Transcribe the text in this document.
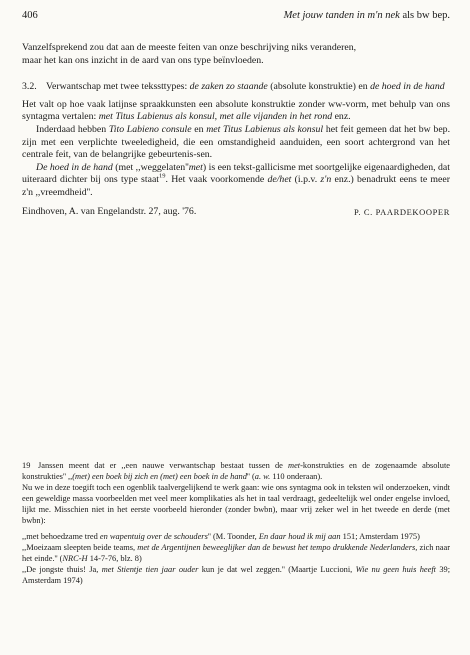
406	Met jouw tanden in m'n nek als bw bep.

Vanzelfsprekend zou dat aan de meeste feiten van onze beschrijving niks veranderen,

maar het kan ons inzicht in de aard van ons type beïnvloeden.

3.2. Verwantschap met twee tekssttypes: de zaken zo staande (absolute konstruktie) en de hoed in de hand

Het valt op hoe vaak latijnse spraakkunsten een absolute konstruktie zonder ww-vorm, met behulp van ons syntagma vertalen: met Titus Labienus als konsul, met alle vijanden in het rond enz.

Inderdaad hebben Tito Labieno consule en met Titus Labienus als konsul het feit gemeen dat het bw bep. zijn met een verplichte tweeledigheid, die een omstandigheid aanduiden, een soort achtergrond van het centrale feit, van de belangrijke gebeurtenis-sen.

De hoed in de hand (met ,,weggelaten''met) is een tekst-gallicisme met soortgelijke eigenaardigheden, dat uiteraard dichter bij ons type staat$^{19}$. Het vaak voorkomende de/het (i.p.v. z'n enz.) benadrukt eens te meer z'n ,,vreemdheid''.

Eindhoven, A. van Engelandstr. 27, aug. '76.	P. C. PAARDEKOOPER

19 Janssen meent dat er ,,een nauwe verwantschap bestaat tussen de met-konstrukties en de zogenaamde absolute konstrukties'' ,,(met) een boek bij zich en (met) een boek in de hand'' (a. w. 110 onderaan).

Nu we in deze toegift toch een ogenblik taalvergelijkend te werk gaan: wie ons syntagma ook in teksten wil onderzoeken, vindt een geweldige massa voorbeelden met veel meer komplikaties als het in taal verdraagt, gedeeltelijk wel onder engelse invloed, lijkt me. Misschien niet in het eerste voorbeeld hieronder (zonder bwbn), maar vrij zeker wel in het tweede en derde (met bwbn):

,,met behoedzame tred en wapentuig over de schouders'' (M. Toonder, En daar houd ik mij aan 151; Amsterdam 1975)

,,Moeizaam sleepten beide teams, met de Argentijnen beweeglijker dan de bewust het tempo drukkende Nederlanders, zich naar het einde.'' (NRC-H 14-7-76, blz. 8)

,,De jongste thuis! Ja, met Stientje tien jaar ouder kun je dat wel zeggen.'' (Maartje Luccioni, Wie nu geen huis heeft 39; Amsterdam 1974)
